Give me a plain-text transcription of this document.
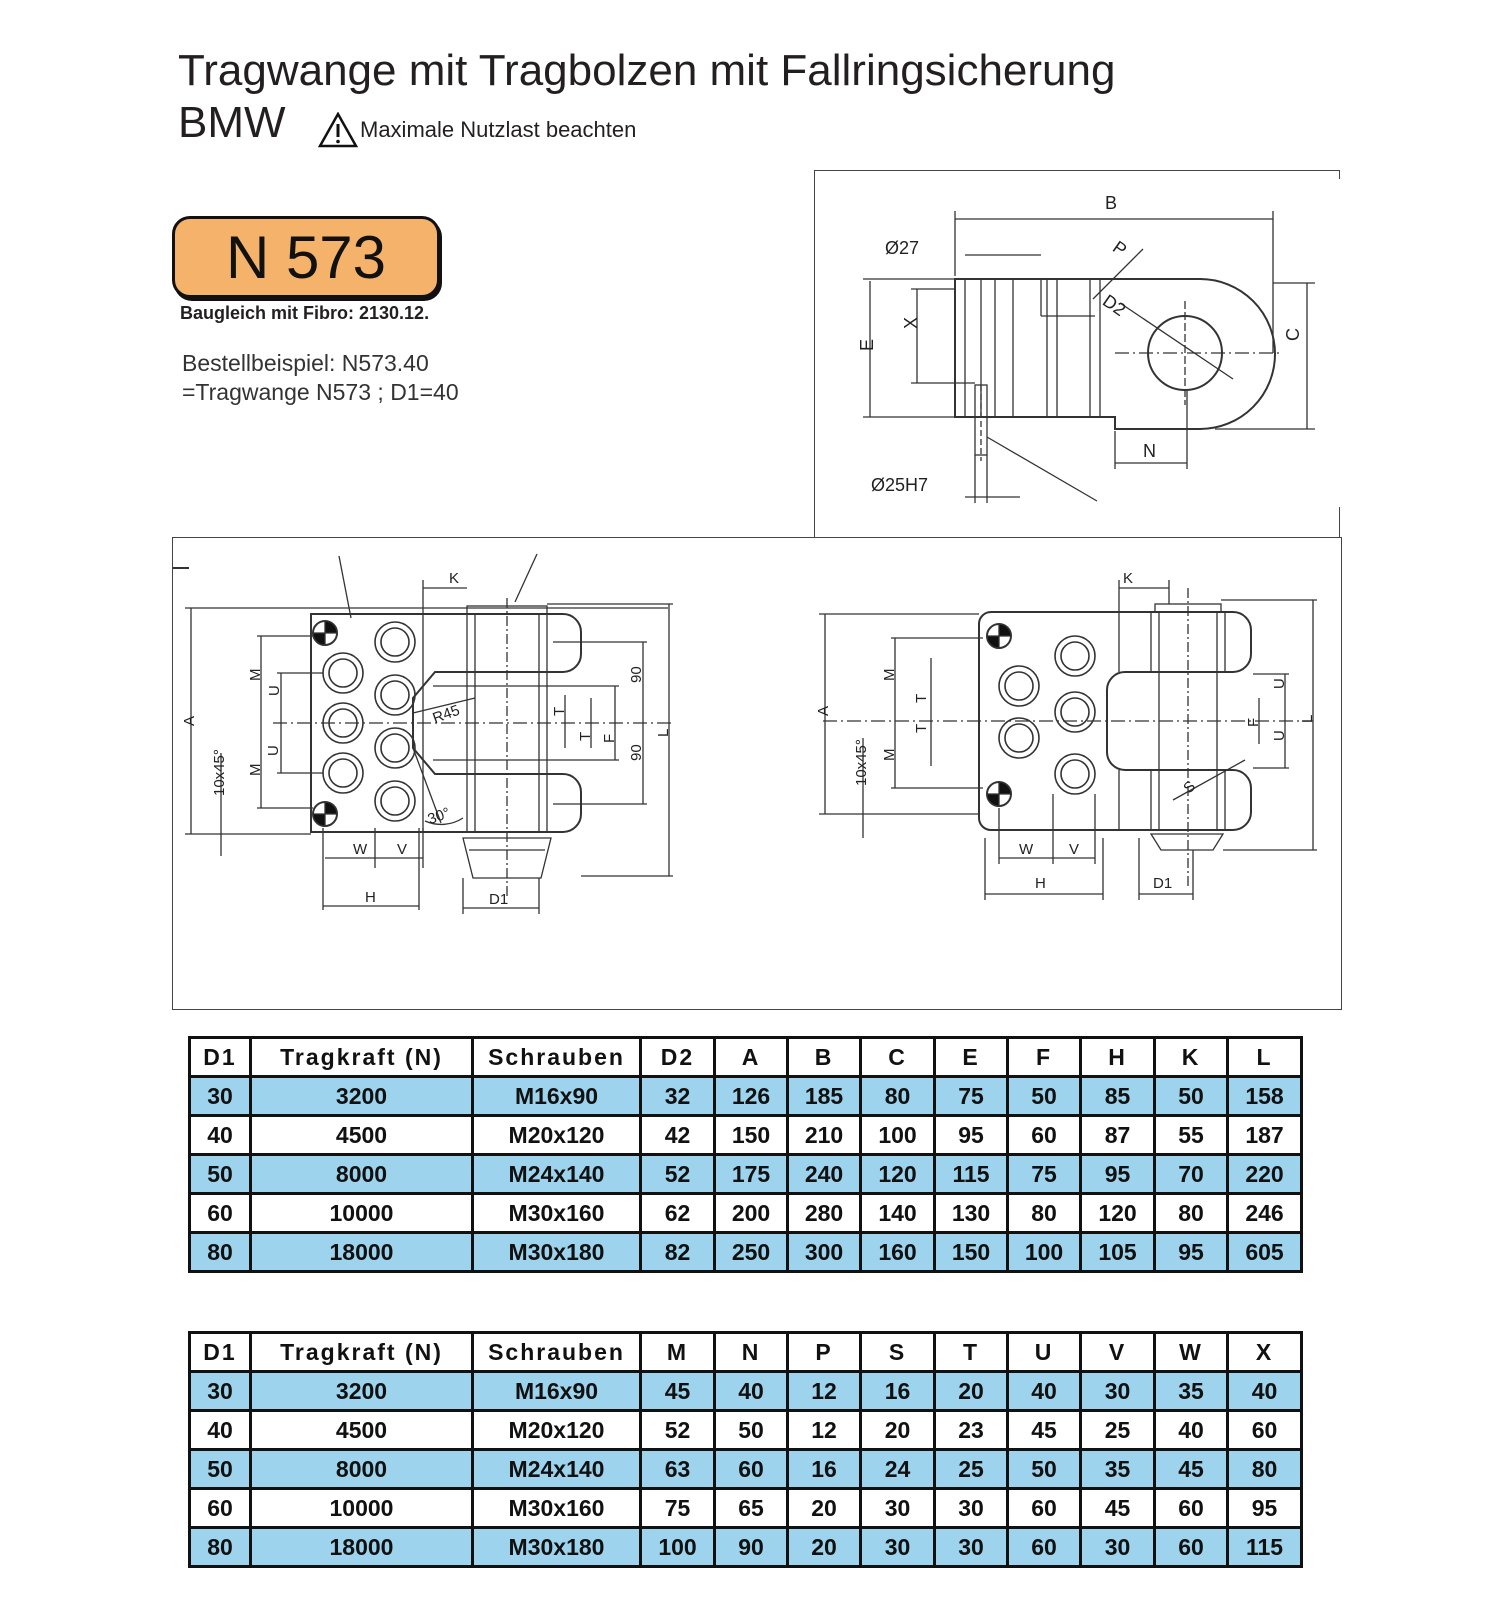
Tragwange mit Tragbolzen mit Fallringsicherung
BMW	Maximale Nutzlast beachten
N 573
Baugleich mit Fibro: 2130.12.
Bestellbeispiel: N573.40
=Tragwange N573 ; D1=40
B
Ø27	P
D2
X
E
C
N
Ø25H7
K
A
M
U
M
U
R45	T
T F
90
90
L
10x45°
30°
W V
H	D1
K
A
M
T
T
M
10x45°
F
U
U
L
S
W V
H	D1
D1	Tragkraft (N)	Schrauben	D2	A	B	C	E	F	H	K	L
30	3200	M16x90	32	126	185	80	75	50	85	50	158
40	4500	M20x120	42	150	210	100	95	60	87	55	187
50	8000	M24x140	52	175	240	120	115	75	95	70	220
60	10000	M30x160	62	200	280	140	130	80	120	80	246
80	18000	M30x180	82	250	300	160	150	100	105	95	605
D1	Tragkraft (N)	Schrauben	M	N	P	S	T	U	V	W	X
30	3200	M16x90	45	40	12	16	20	40	30	35	40
40	4500	M20x120	52	50	12	20	23	45	25	40	60
50	8000	M24x140	63	60	16	24	25	50	35	45	80
60	10000	M30x160	75	65	20	30	30	60	45	60	95
80	18000	M30x180	100	90	20	30	30	60	30	60	115
